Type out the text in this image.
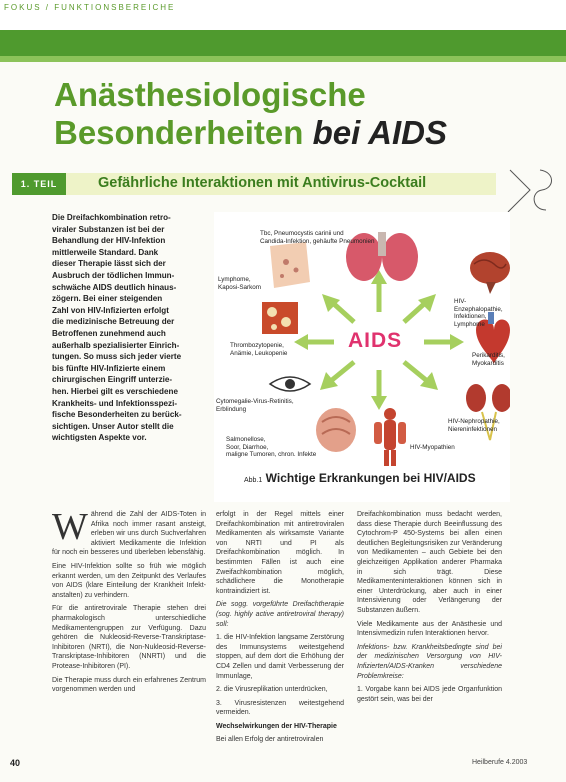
FOKUS / FUNKTIONSBEREICHE
Anästhesiologische
Besonderheiten bei AIDS
1. TEIL	Gefährliche Interaktionen mit Antivirus-Cocktail

Die Dreifachkombination retro-

viraler Substanzen ist bei der

Behandlung der HIV-Infektion

mittlerweile Standard. Dank

dieser Therapie lässt sich der

Ausbruch der tödlichen Immun-

schwäche AIDS deutlich hinaus-

zögern. Bei einer steigenden

Zahl von HIV-Infizierten erfolgt

die medizinische Betreuung der

Betroffenen zunehmend auch

außerhalb spezialisierter Einrich-

tungen. So muss sich jeder vierte

bis fünfte HIV-Infizierte einem

chirurgischen Eingriff unterzie-

hen. Hierbei gilt es verschiedene

Krankheits- und Infektionsspezi-

fische Besonderheiten zu berück-

sichtigen. Unser Autor stellt die

wichtigsten Aspekte vor.

Tbc, Pneumocystis carinii und
Candida-Infektion, gehäufte Pneumonien
Lymphome,
Kaposi-Sarkom
HIV-Enzephalopathie,
Infektionen, Lymphome
Thrombozytopenie,
Anämie, Leukopenie	Perikarditis,
Myokarditis
Cytomegalie-Virus-Retinitis,
Erblindung
HIV-Nephropathie,
Niereninfektionen
Salmonellose,
Soor, Diarrhoe,
maligne Tumoren, chron. Infekte
HIV-Myopathien
AIDS
Abb.1 Wichtige Erkrankungen bei HIV/AIDS

Während die Zahl der AIDS-Toten in Afrika noch immer rasant ansteigt, erleben wir uns durch Suchverfahren aktiviert Medikamente die Infektion für noch ein besseres und überleben lebensfähig.

Eine HIV-Infektion sollte so früh wie möglich erkannt werden, um den Zeitpunkt des Verlaufes von AIDS (klare Einteilung der Krankheit Infekt-anstalten) zu verhindern.

Für die antiretrovirale Therapie stehen drei pharmakologisch unterschiedliche Medikamentengruppen zur Verfügung. Dazu gehören die Nukleosid-Reverse-Transkriptase-Inhibitoren (NRTI), die Non-Nukleosid-Reverse-Transkriptase-Inhibitoren (NNRTI) und die Protease-Inhibitoren (PI).

Die Therapie muss durch ein erfahrenes Zentrum vorgenommen werden und

erfolgt in der Regel mittels einer Dreifachkombination mit antiretroviralen Medikamenten als wirksamste Variante von NRTI und PI als Dreifachkombination möglich. In bestimmten Fällen ist auch eine Zweifachkombination möglich, schädlichere die Monotherapie kontraindiziert ist.

Die sogg. vorgeführte Dreifachtherapie (sog. highly active antiretroviral therapy) soll:

1. die HIV-Infektion langsame Zerstörung des Immunsystems weitestgehend stoppen, auf dem dort die Erhöhung der CD4 Zellen und damit Verbesserung der Immunlage,

2. die Virusreplikation unterdrücken,

3. Virusresistenzen weitestgehend vermeiden.

Wechselwirkungen der HIV-Therapie

Bei allen Erfolg der antiretroviralen

Dreifachkombination muss bedacht werden, dass diese Therapie durch Beeinflussung des Cytochrom-P 450-Systems bei allen einen deutlichen Begleitungsrisiken zur Veränderung von Medikamenten – auch Gebiete bei den gleichzeitigen Applikation anderer Pharmaka in sich trägt. Diese Medikamenteninteraktionen können sich in einer Unterdrückung, aber auch in einer Intensivierung oder Verlängerung der Substanzen äußern.

Viele Medikamente aus der Anästhesie und Intensivmedizin rufen Interaktionen hervor.

Infektions- bzw. Krankheitsbedingte sind bei der medizinischen Versorgung von HIV-Infizierten/AIDS-Kranken verschiedene Problemkreise:

1. Vorgabe kann bei AIDS jede Organfunktion gestört sein, was bei der

40	Heilberufe 4.2003
